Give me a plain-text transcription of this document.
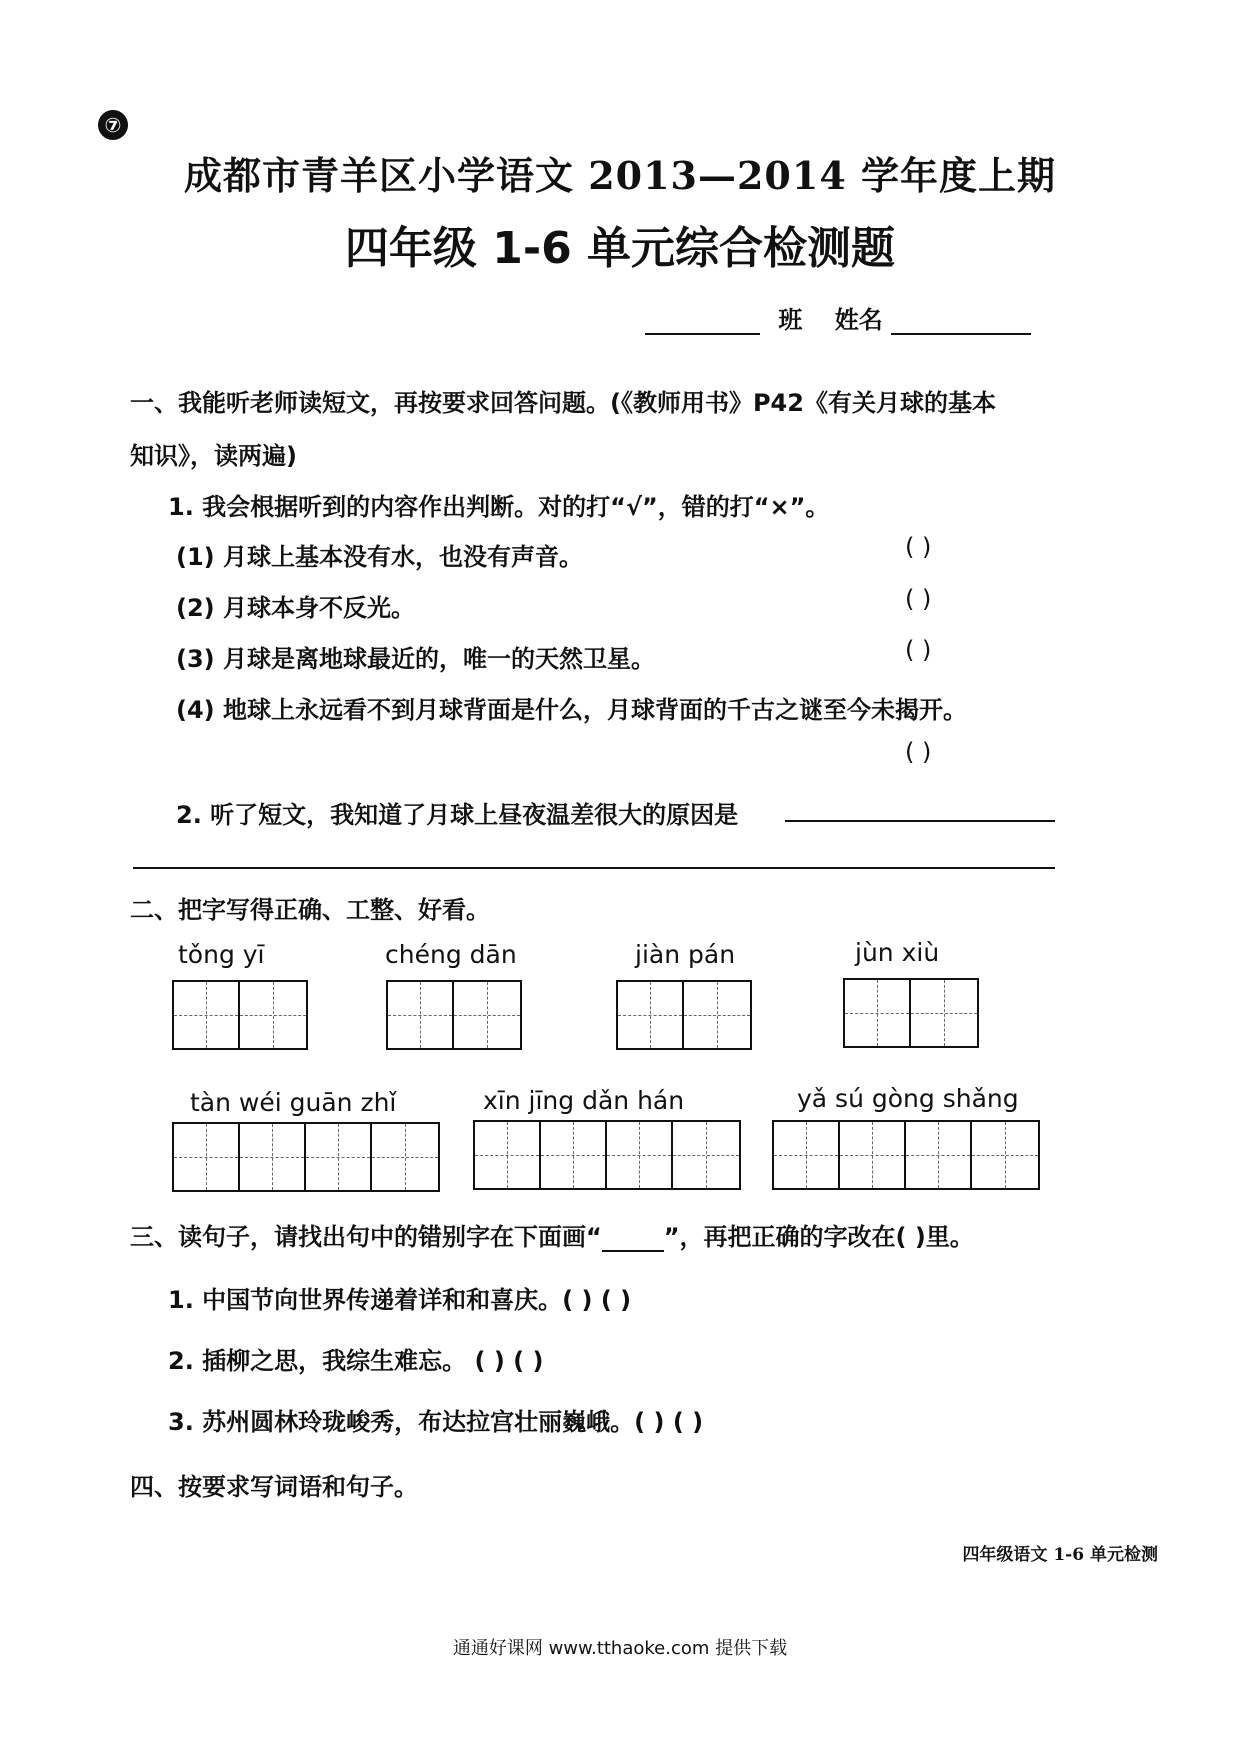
⑦
成都市青羊区小学语文 2013—2014 学年度上期
四年级 1-6 单元综合检测题
班 姓名
一、我能听老师读短文，再按要求回答问题。(《教师用书》P42《有关月球的基本
知识》，读两遍)
1. 我会根据听到的内容作出判断。对的打“√”，错的打“×”。
(1) 月球上基本没有水，也没有声音。	( )
(2) 月球本身不反光。	( )
(3) 月球是离地球最近的，唯一的天然卫星。	( )
(4) 地球上永远看不到月球背面是什么，月球背面的千古之谜至今未揭开。
( )
2. 听了短文，我知道了月球上昼夜温差很大的原因是
二、把字写得正确、工整、好看。
tǒng yī	chéng dān	jiàn pán	jùn xiù
tàn wéi guān zhǐ	xīn jīng dǎn hán	yǎ sú gòng shǎng
三、读句子，请找出句中的错别字在下面画“	”，再把正确的字改在( )里。
1. 中国节向世界传递着详和和喜庆。( ) ( )
2. 插柳之思，我综生难忘。 ( ) ( )
3. 苏州圆林玲珑峻秀，布达拉宫壮丽巍峨。( ) ( )
四、按要求写词语和句子。
四年级语文 1-6 单元检测
通通好课网 www.tthaoke.com 提供下载
